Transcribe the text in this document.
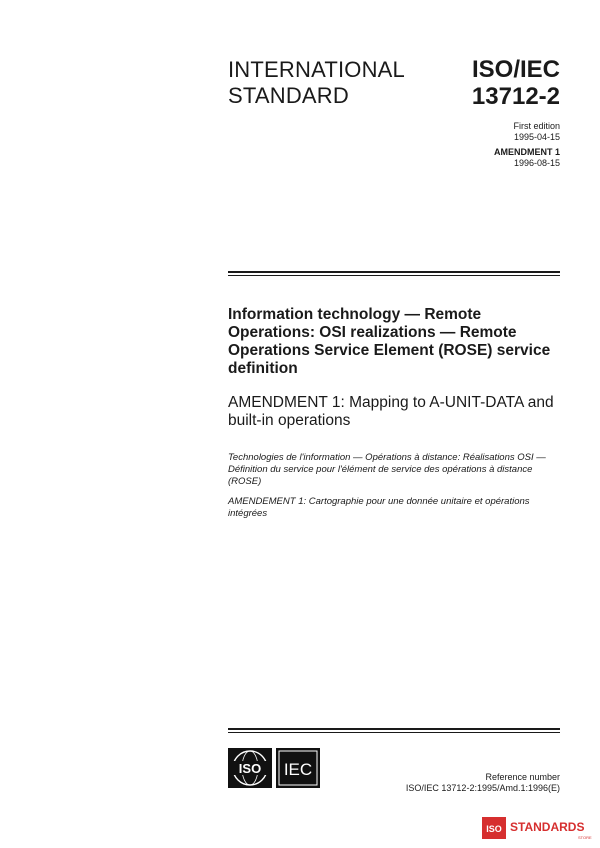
INTERNATIONAL
STANDARD
ISO/IEC
13712-2
First edition
1995-04-15
AMENDMENT 1
1996-08-15
Information technology — Remote Operations: OSI realizations — Remote Operations Service Element (ROSE) service definition
AMENDMENT 1: Mapping to A-UNIT-DATA and built-in operations
Technologies de l'information — Opérations à distance: Réalisations OSI — Définition du service pour l'élément de service des opérations à distance (ROSE)
AMENDEMENT 1: Cartographie pour une donnée unitaire et opérations intégrées
ISO IEC	Reference number
ISO/IEC 13712-2:1995/Amd.1:1996(E)
ISO STANDARDS
STORE
